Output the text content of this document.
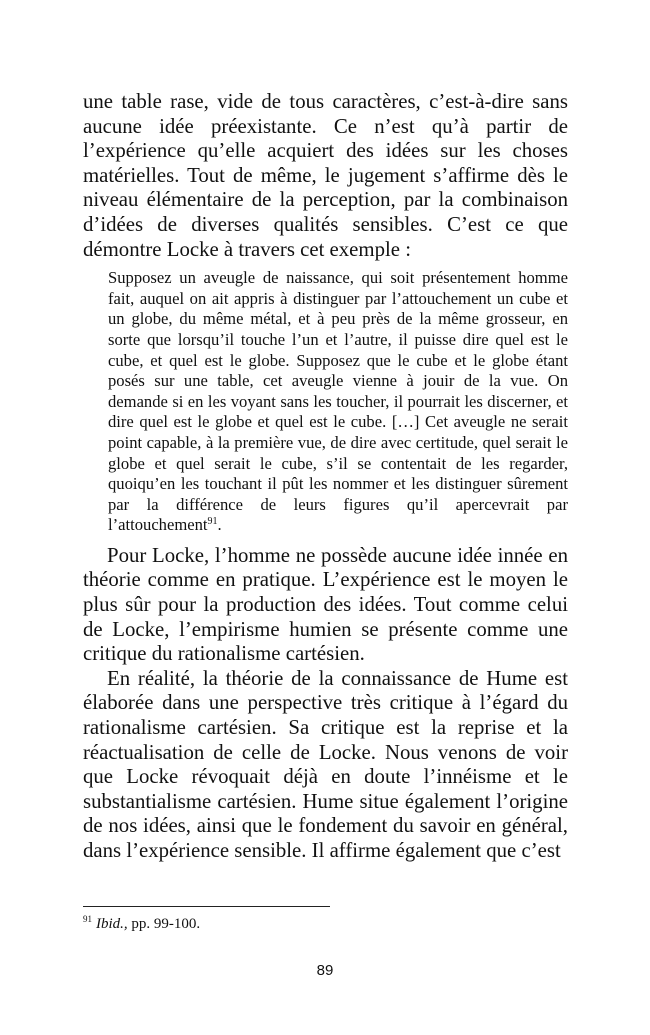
une table rase, vide de tous caractères, c’est-à-dire sans aucune idée préexistante. Ce n’est qu’à partir de l’expérience qu’elle acquiert des idées sur les choses matérielles. Tout de même, le jugement s’affirme dès le niveau élémentaire de la perception, par la combinaison d’idées de diverses qualités sensibles. C’est ce que démontre Locke à travers cet exemple :

Supposez un aveugle de naissance, qui soit présentement homme fait, auquel on ait appris à distinguer par l’attouchement un cube et un globe, du même métal, et à peu près de la même grosseur, en sorte que lorsqu’il touche l’un et l’autre, il puisse dire quel est le cube, et quel est le globe. Supposez que le cube et le globe étant posés sur une table, cet aveugle vienne à jouir de la vue. On demande si en les voyant sans les toucher, il pourrait les discerner, et dire quel est le globe et quel est le cube. […] Cet aveugle ne serait point capable, à la première vue, de dire avec certitude, quel serait le globe et quel serait le cube, s’il se contentait de les regarder, quoiqu’en les touchant il pût les nommer et les distinguer sûrement par la différence de leurs figures qu’il apercevrait par l’attouchement$^{91}$.

Pour Locke, l’homme ne possède aucune idée innée en théorie comme en pratique. L’expérience est le moyen le plus sûr pour la production des idées. Tout comme celui de Locke, l’empirisme humien se présente comme une critique du rationalisme cartésien.

En réalité, la théorie de la connaissance de Hume est élaborée dans une perspective très critique à l’égard du rationalisme cartésien. Sa critique est la reprise et la réactualisation de celle de Locke. Nous venons de voir que Locke révoquait déjà en doute l’innéisme et le substantialisme cartésien. Hume situe également l’origine de nos idées, ainsi que le fondement du savoir en général, dans l’expérience sensible. Il affirme également que c’est

$^{91}$ Ibid., pp. 99-100.
89
